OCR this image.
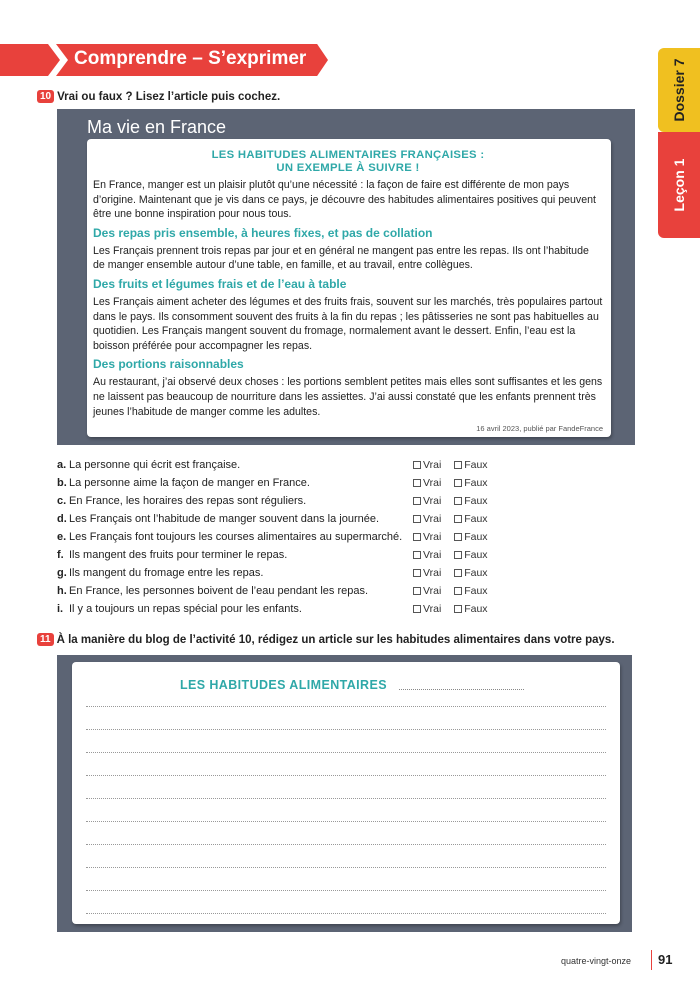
Comprendre – S’exprimer	Dossier 7
Leçon 1
10 Vrai ou faux ? Lisez l’article puis cochez.
Ma vie en France
LES HABITUDES ALIMENTAIRES FRANÇAISES :
UN EXEMPLE À SUIVRE !

En France, manger est un plaisir plutôt qu’une nécessité : la façon de faire est différente de mon pays d’origine. Maintenant que je vis dans ce pays, je découvre des habitudes alimentaires positives qui peuvent être une bonne inspiration pour nous tous.

Des repas pris ensemble, à heures fixes, et pas de collation

Les Français prennent trois repas par jour et en général ne mangent pas entre les repas. Ils ont l’habitude de manger ensemble autour d’une table, en famille, et au travail, entre collègues.

Des fruits et légumes frais et de l’eau à table

Les Français aiment acheter des légumes et des fruits frais, souvent sur les marchés, très populaires partout dans le pays. Ils consomment souvent des fruits à la fin du repas ; les pâtisseries ne sont pas habituelles au quotidien. Les Français mangent souvent du fromage, normalement avant le dessert. Enfin, l’eau est la boisson préférée pour accompagner les repas.

Des portions raisonnables

Au restaurant, j’ai observé deux choses : les portions semblent petites mais elles sont suffisantes et les gens ne laissent pas beaucoup de nourriture dans les assiettes. J’ai aussi constaté que les enfants prennent très jeunes l’habitude de manger comme les adultes.

16 avril 2023, publié par FandeFrance
a. La personne qui écrit est française.	Vrai Faux
b. La personne aime la façon de manger en France.	Vrai Faux
c. En France, les horaires des repas sont réguliers.	Vrai Faux
d. Les Français ont l’habitude de manger souvent dans la journée.	Vrai Faux
e. Les Français font toujours les courses alimentaires au supermarché.	Vrai Faux
f. Ils mangent des fruits pour terminer le repas.	Vrai Faux
g. Ils mangent du fromage entre les repas.	Vrai Faux
h. En France, les personnes boivent de l’eau pendant les repas.	Vrai Faux
i. Il y a toujours un repas spécial pour les enfants.	Vrai Faux
11 À la manière du blog de l’activité 10, rédigez un article sur les habitudes alimentaires dans votre pays.
LES HABITUDES ALIMENTAIRES
quatre-vingt-onze 91
